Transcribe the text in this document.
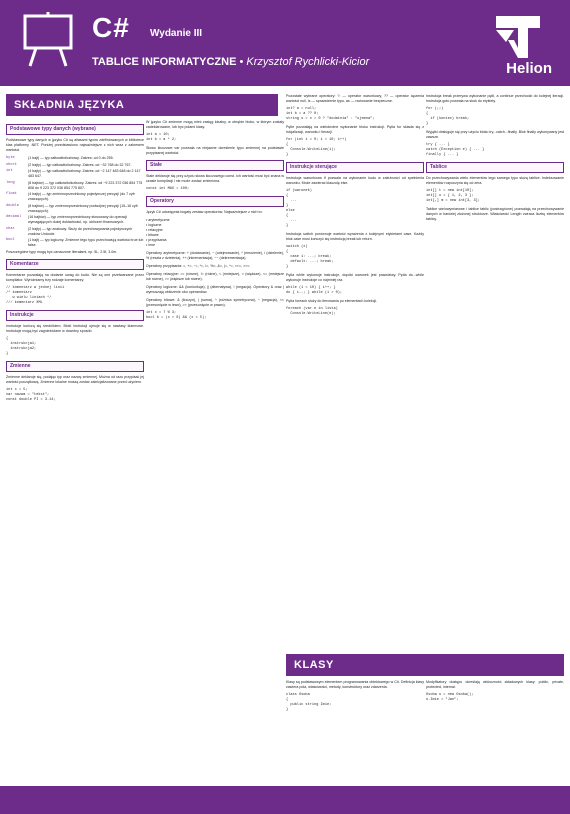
C# Wydanie III
TABLICE INFORMATYCZNE • Krzysztof Rychlicki-Kicior	Helion
SKŁADNIA JĘZYKA
KLASY
Podstawowe typy danych (wybrane)
Podstawowe typy danych w języku C# są aliasami typów zdefiniowanych w bibliotece klas platformy .NET. Poniżej przedstawiono najważniejsze z nich wraz z zakresem wartości.
byte	(1 bajt) — typ całkowitoliczbowy. Zakres: od 0 do 255.
short	(2 bajty) — typ całkowitoliczbowy. Zakres: od −32 768 do 32 767.
int	(4 bajty) — typ całkowitoliczbowy. Zakres: od −2 147 483 648 do 2 147 483 647.
long	(8 bajtów) — typ całkowitoliczbowy. Zakres: od −9 223 372 036 854 775 808 do 9 223 372 036 854 775 807.
float	(4 bajty) — typ zmiennoprzecinkowy pojedynczej precyzji (do 7 cyfr znaczących).
double	(8 bajtów) — typ zmiennoprzecinkowy podwójnej precyzji (15–16 cyfr znaczących).
decimal	(16 bajtów) — typ zmiennoprzecinkowy stosowany do operacji wymagających dużej dokładności, np. obliczeń finansowych.
char	(2 bajty) — typ znakowy. Służy do przechowywania pojedynczych znaków Unicode.
bool	(1 bajt) — typ logiczny. Zmienne tego typu przechowują wartości true lub false.
Poszczególne typy mogą być oznaczone literałami, np. 5L, 2.5f, 3.0m.
Komentarze
Komentarze pozwalają na dodanie uwag do kodu. Nie są one przetwarzane przez kompilator. Wyróżniamy trzy rodzaje komentarzy:
// komentarz w jednej linii
/* komentarz
w wielu liniach */
/// komentarz XML
Instrukcje
Instrukcje kończą się średnikiem. Bloki instrukcji ujmuje się w nawiasy klamrowe. Instrukcje mogą być zagnieżdżane w dowolny sposób.
{
instrukcja1;
instrukcja2;
}
Zmienne
Zmienne deklaruje się, podając typ oraz nazwę zmiennej. Można od razu przypisać jej wartość początkową. Zmienne lokalne muszą zostać zainicjalizowane przed użyciem.
int x = 5;
var nazwa = "tekst";
const double PI = 3.14;
W języku C# zmienne mogą mieć zasięg lokalny, w obrębie bloku, w którym zostały zadeklarowane, lub być polami klasy.
int a = 10;
int b = a * 2;
Słowo kluczowe var pozwala na niejawne określenie typu zmiennej na podstawie przypisanej wartości.
Stałe
Stałe deklaruje się przy użyciu słowa kluczowego const. Ich wartość musi być znana w czasie kompilacji i nie może zostać zmieniona.
const int MAX = 100;
Operatory
Język C# udostępnia bogaty zestaw operatorów. Najważniejsze z nich to:
• arytmetyczne
• logiczne
• relacyjne
• bitowe
• przypisania
• inne
Operatory arytmetyczne: + (dodawanie), − (odejmowanie), * (mnożenie), / (dzielenie), % (reszta z dzielenia), ++ (inkrementacja), −− (dekrementacja).
Operatory przypisania: =, +=, −=, *=, /=, %=, &=, |=, ^=, <<=, >>=.
Operatory relacyjne: == (równe), != (różne), < (mniejsze), > (większe), <= (mniejsze lub równe), >= (większe lub równe).
Operatory logiczne: && (koniunkcja), || (alternatywa), ! (negacja). Operatory & oraz | wymuszają obliczenie obu operandów.
Operatory bitowe: & (iloczyn), | (suma), ^ (różnica symetryczna), ~ (negacja), << (przesunięcie w lewo), >> (przesunięcie w prawo).
int x = 7 % 3;
bool b = (x > 0) && (x < 5);
Pozostałe wybrane operatory: ?: — operator warunkowy, ?? — operator łączenia wartości null, is — sprawdzenie typu, as — rzutowanie bezpieczne.
int? a = null;
int b = a ?? 0;
string s = x > 0 ? "dodatnia" : "ujemna";
Pętle pozwalają na wielokrotne wykonanie bloku instrukcji. Pętla for składa się z inicjalizacji, warunku i iteracji.
for (int i = 0; i < 10; i++)
{
Console.WriteLine(i);
}
Instrukcje sterujące
Instrukcja warunkowa if pozwala na wykonanie kodu w zależności od spełnienia warunku. Może zawierać klauzulę else.
if (warunek)
{
...
}
else
{
...
}
Instrukcja switch porównuje wartość wyrażenia z kolejnymi etykietami case. Każdy blok case musi kończyć się instrukcją break lub return.
switch (x)
{
case 1: ...; break;
default: ...; break;
}
Pętla while wykonuje instrukcje, dopóki warunek jest prawdziwy. Pętla do...while wykonuje instrukcje co najmniej raz.
while (i < 10) { i++; }
do { i--; } while (i > 0);
Pętla foreach służy do iterowania po elementach kolekcji.
foreach (var e in lista)
Console.WriteLine(e);
Instrukcja break przerywa wykonanie pętli, a continue przechodzi do kolejnej iteracji. Instrukcja goto pozwala na skok do etykiety.
for (;;)
{
if (koniec) break;
}
Wyjątki obsługuje się przy użyciu bloku try...catch...finally. Blok finally wykonywany jest zawsze.
try { ... }
catch (Exception e) { ... }
finally { ... }
Tablice
Do przechowywania wielu elementów tego samego typu służą tablice. Indeksowanie elementów rozpoczyna się od zera.
int[] t = new int[10];
int[] u = { 1, 2, 3 };
int[,] m = new int[3, 3];
Tablice wielowymiarowe i tablice tablic (postrzępione) pozwalają na przechowywanie danych w bardziej złożonej strukturze. Właściwość Length zwraca liczbę elementów tablicy.
Klasy są podstawowym elementem programowania obiektowego w C#. Definicja klasy zawiera pola, właściwości, metody, konstruktory oraz zdarzenia.
class Osoba
{
public string Imie;
}
Modyfikatory dostępu określają widoczność składowych klasy: public, private, protected, internal.
Osoba o = new Osoba();
o.Imie = "Jan";
